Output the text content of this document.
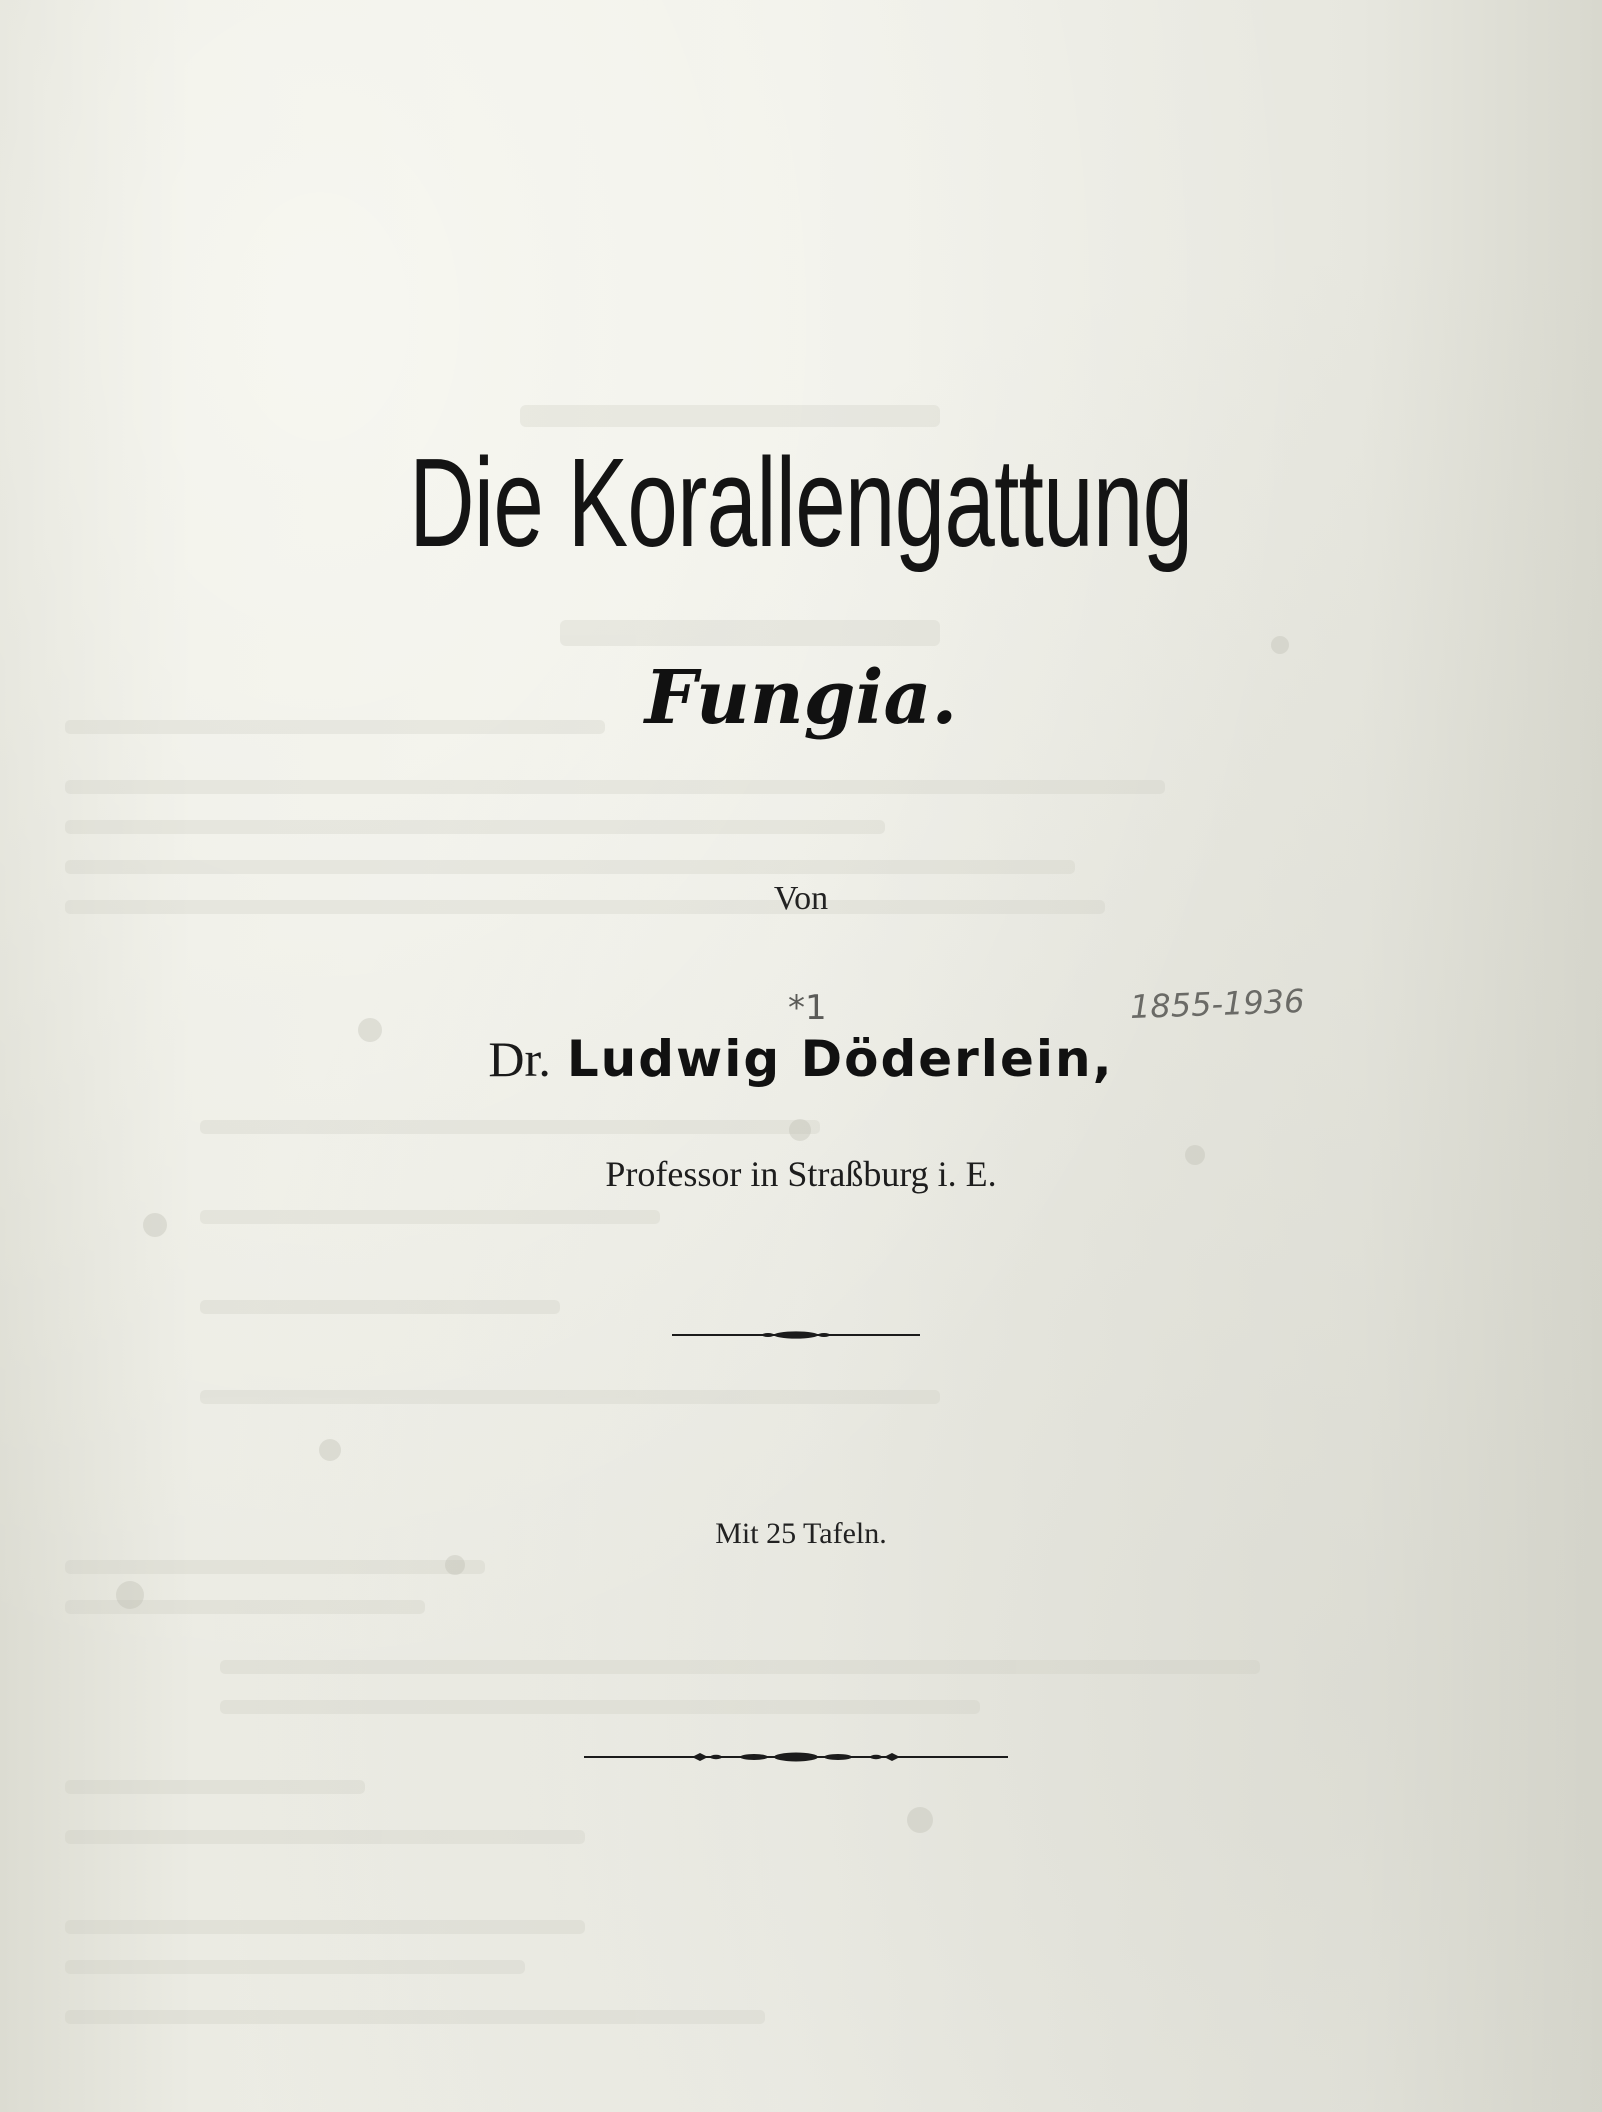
Die Korallengattung
Fungia.
Von
*1	1855-1936
Dr. Ludwig Döderlein,
Professor in Straßburg i. E.
Mit 25 Tafeln.
